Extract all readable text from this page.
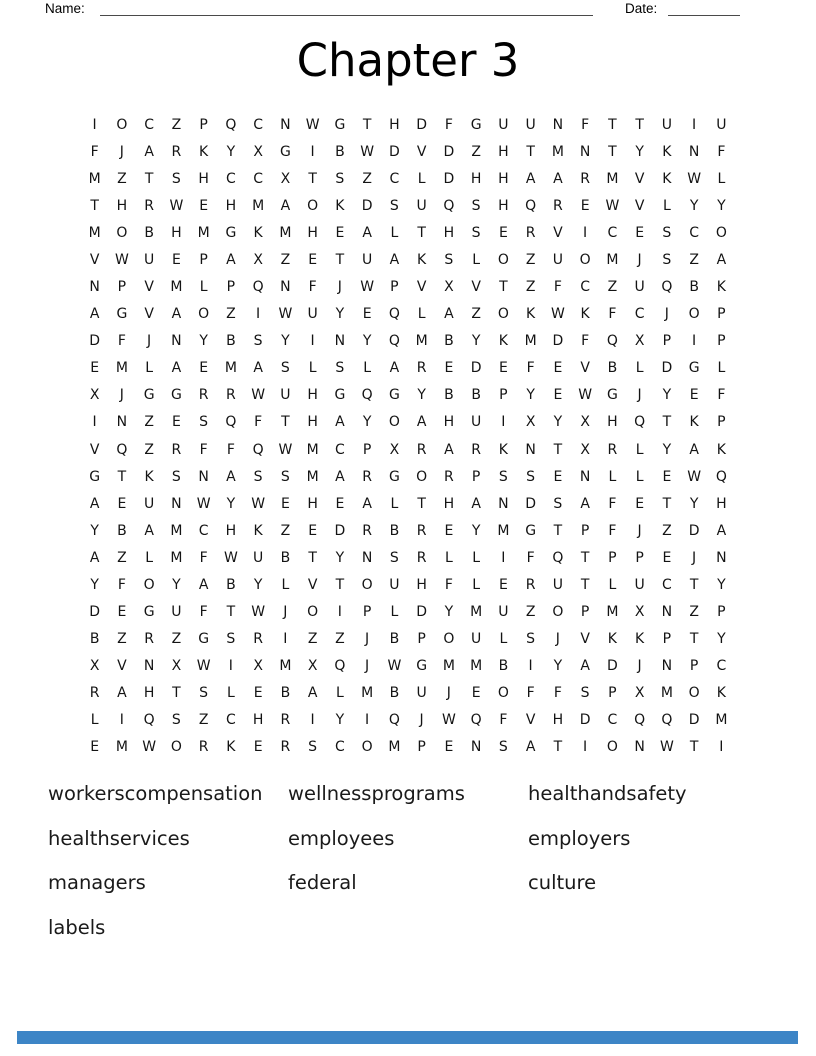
Name:	Date:
Chapter 3
I	O	C	Z	P	Q	C	N	W	G	T	H	D	F	G	U	U	N	F	T	T	U	I	U
F	J	A	R	K	Y	X	G	I	B	W	D	V	D	Z	H	T	M	N	T	Y	K	N	F
M	Z	T	S	H	C	C	X	T	S	Z	C	L	D	H	H	A	A	R	M	V	K	W	L
T	H	R	W	E	H	M	A	O	K	D	S	U	Q	S	H	Q	R	E	W	V	L	Y	Y
M	O	B	H	M	G	K	M	H	E	A	L	T	H	S	E	R	V	I	C	E	S	C	O
V	W	U	E	P	A	X	Z	E	T	U	A	K	S	L	O	Z	U	O	M	J	S	Z	A
N	P	V	M	L	P	Q	N	F	J	W	P	V	X	V	T	Z	F	C	Z	U	Q	B	K
A	G	V	A	O	Z	I	W	U	Y	E	Q	L	A	Z	O	K	W	K	F	C	J	O	P
D	F	J	N	Y	B	S	Y	I	N	Y	Q	M	B	Y	K	M	D	F	Q	X	P	I	P
E	M	L	A	E	M	A	S	L	S	L	A	R	E	D	E	F	E	V	B	L	D	G	L
X	J	G	G	R	R	W	U	H	G	Q	G	Y	B	B	P	Y	E	W	G	J	Y	E	F
I	N	Z	E	S	Q	F	T	H	A	Y	O	A	H	U	I	X	Y	X	H	Q	T	K	P
V	Q	Z	R	F	F	Q	W	M	C	P	X	R	A	R	K	N	T	X	R	L	Y	A	K
G	T	K	S	N	A	S	S	M	A	R	G	O	R	P	S	S	E	N	L	L	E	W	Q
A	E	U	N	W	Y	W	E	H	E	A	L	T	H	A	N	D	S	A	F	E	T	Y	H
Y	B	A	M	C	H	K	Z	E	D	R	B	R	E	Y	M	G	T	P	F	J	Z	D	A
A	Z	L	M	F	W	U	B	T	Y	N	S	R	L	L	I	F	Q	T	P	P	E	J	N
Y	F	O	Y	A	B	Y	L	V	T	O	U	H	F	L	E	R	U	T	L	U	C	T	Y
D	E	G	U	F	T	W	J	O	I	P	L	D	Y	M	U	Z	O	P	M	X	N	Z	P
B	Z	R	Z	G	S	R	I	Z	Z	J	B	P	O	U	L	S	J	V	K	K	P	T	Y
X	V	N	X	W	I	X	M	X	Q	J	W	G	M	M	B	I	Y	A	D	J	N	P	C
R	A	H	T	S	L	E	B	A	L	M	B	U	J	E	O	F	F	S	P	X	M	O	K
L	I	Q	S	Z	C	H	R	I	Y	I	Q	J	W	Q	F	V	H	D	C	Q	Q	D	M
E	M	W	O	R	K	E	R	S	C	O	M	P	E	N	S	A	T	I	O	N	W	T	I
workerscompensation	wellnessprograms	healthandsafety
healthservices	employees	employers
managers	federal	culture
labels
